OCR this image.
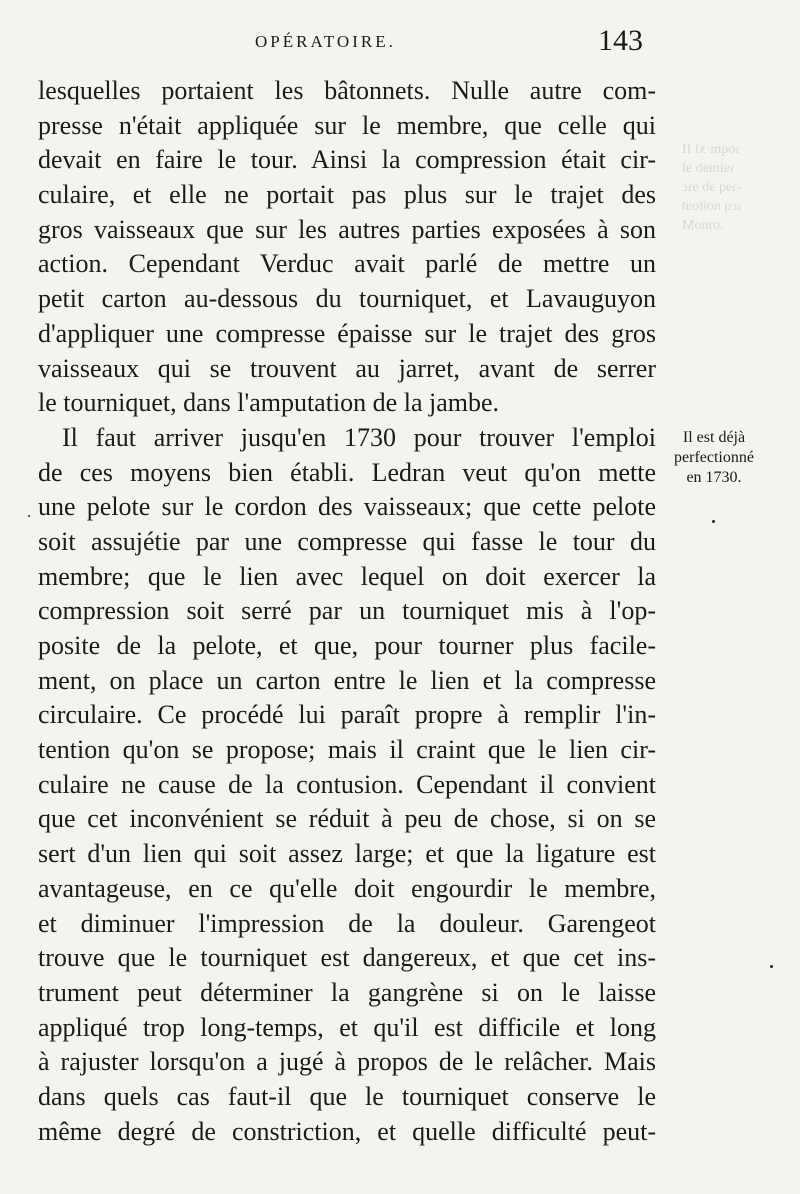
ɿoqm·xi II
ɿɘimɘb ɘl
-ɿɘq ɘb ɘɿɛ
ɿɛq noitoɘʇ
.oɿnoM
OPÉRATOIRE.	143
lesquelles portaient les bâtonnets. Nulle autre com-
presse n'était appliquée sur le membre, que celle qui
devait en faire le tour. Ainsi la compression était cir-
culaire, et elle ne portait pas plus sur le trajet des
gros vaisseaux que sur les autres parties exposées à son
action. Cependant Verduc avait parlé de mettre un
petit carton au-dessous du tourniquet, et Lavauguyon
d'appliquer une compresse épaisse sur le trajet des gros
vaisseaux qui se trouvent au jarret, avant de serrer
le tourniquet, dans l'amputation de la jambe.
Il faut arriver jusqu'en 1730 pour trouver l'emploi
de ces moyens bien établi. Ledran veut qu'on mette
une pelote sur le cordon des vaisseaux; que cette pelote
soit assujétie par une compresse qui fasse le tour du
membre; que le lien avec lequel on doit exercer la
compression soit serré par un tourniquet mis à l'op-
posite de la pelote, et que, pour tourner plus facile-
ment, on place un carton entre le lien et la compresse
circulaire. Ce procédé lui paraît propre à remplir l'in-
tention qu'on se propose; mais il craint que le lien cir-
culaire ne cause de la contusion. Cependant il convient
que cet inconvénient se réduit à peu de chose, si on se
sert d'un lien qui soit assez large; et que la ligature est
avantageuse, en ce qu'elle doit engourdir le membre,
et diminuer l'impression de la douleur. Garengeot
trouve que le tourniquet est dangereux, et que cet ins-
trument peut déterminer la gangrène si on le laisse
appliqué trop long-temps, et qu'il est difficile et long
à rajuster lorsqu'on a jugé à propos de le relâcher. Mais
dans quels cas faut-il que le tourniquet conserve le
même degré de constriction, et quelle difficulté peut-
Il est déjà
perfectionné
en 1730.
